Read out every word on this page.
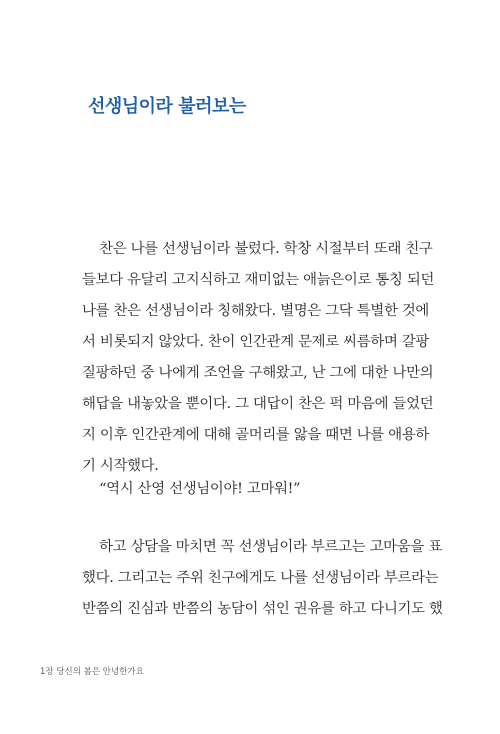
선생님이라 불러보는
찬은 나를 선생님이라 불렀다. 학창 시절부터 또래 친구
들보다 유달리 고지식하고 재미없는 애늙은이로 통칭 되던
나를 찬은 선생님이라 칭해왔다. 별명은 그닥 특별한 것에
서 비롯되지 않았다. 찬이 인간관계 문제로 씨름하며 갈팡
질팡하던 중 나에게 조언을 구해왔고, 난 그에 대한 나만의
해답을 내놓았을 뿐이다. 그 대답이 찬은 퍽 마음에 들었던
지 이후 인간관계에 대해 골머리를 앓을 때면 나를 애용하
기 시작했다.
“역시 산영 선생님이야! 고마워!”
하고 상담을 마치면 꼭 선생님이라 부르고는 고마움을 표
했다. 그리고는 주위 친구에게도 나를 선생님이라 부르라는
반쯤의 진심과 반쯤의 농담이 섞인 권유를 하고 다니기도 했

1장 당신의 봄은 안녕한가요
